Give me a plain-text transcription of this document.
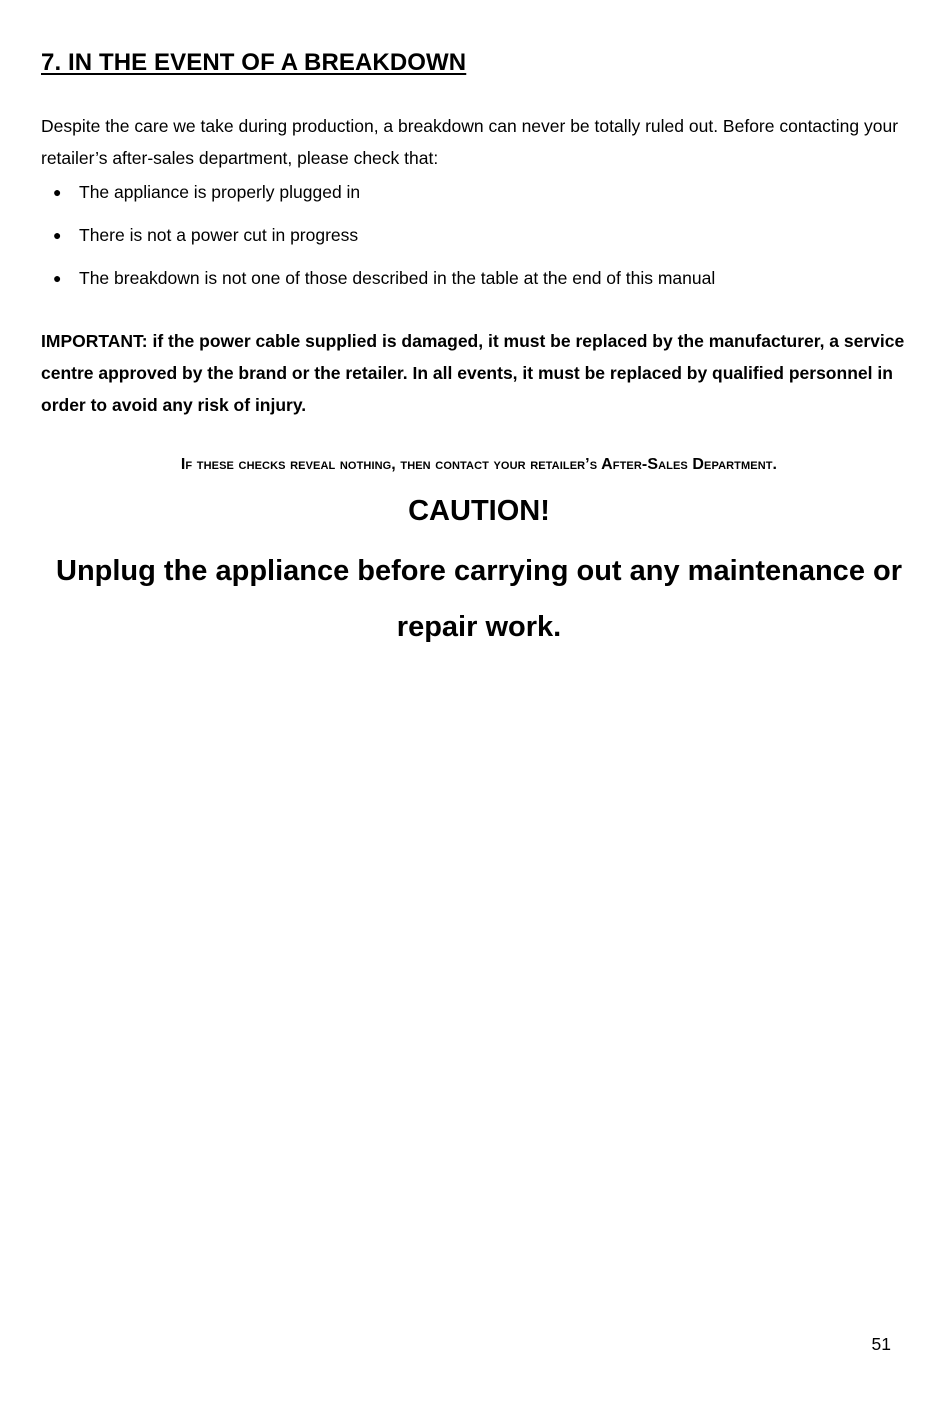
7. IN THE EVENT OF A BREAKDOWN

Despite the care we take during production, a breakdown can never be totally ruled out. Before contacting your retailer’s after-sales department, please check that:

● The appliance is properly plugged in
● There is not a power cut in progress
● The breakdown is not one of those described in the table at the end of this manual

IMPORTANT: if the power cable supplied is damaged, it must be replaced by the manufacturer, a service centre approved by the brand or the retailer. In all events, it must be replaced by qualified personnel in order to avoid any risk of injury.

If these checks reveal nothing, then contact your retailer’s After-Sales Department.

CAUTION!

Unplug the appliance before carrying out any maintenance or repair work.

51
